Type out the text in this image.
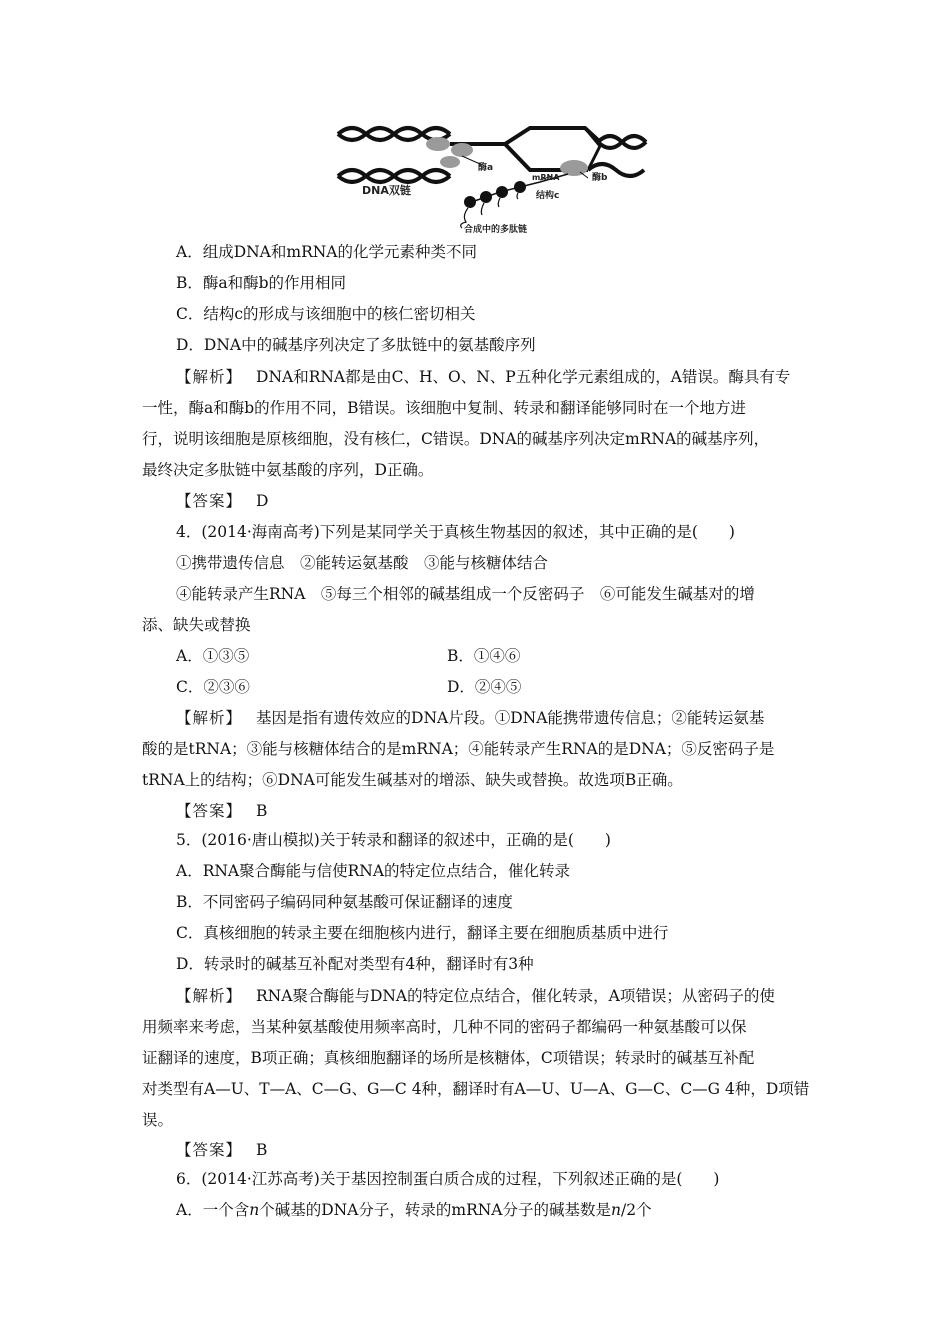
DNA双链
酶a
mRNA	酶b
结构c
合成中的多肽链
A．组成DNA和mRNA的化学元素种类不同
B．酶a和酶b的作用相同
C．结构c的形成与该细胞中的核仁密切相关
D．DNA中的碱基序列决定了多肽链中的氨基酸序列
【解析】 DNA和RNA都是由C、H、O、N、P五种化学元素组成的，A错误。酶具有专
一性，酶a和酶b的作用不同，B错误。该细胞中复制、转录和翻译能够同时在一个地方进
行，说明该细胞是原核细胞，没有核仁，C错误。DNA的碱基序列决定mRNA的碱基序列，
最终决定多肽链中氨基酸的序列，D正确。
【答案】 D
4．(2014·海南高考)下列是某同学关于真核生物基因的叙述，其中正确的是(　　)
①携带遗传信息　②能转运氨基酸　③能与核糖体结合
④能转录产生RNA　⑤每三个相邻的碱基组成一个反密码子　⑥可能发生碱基对的增
添、缺失或替换
A．①③⑤	B．①④⑥
C．②③⑥	D．②④⑤
【解析】 基因是指有遗传效应的DNA片段。①DNA能携带遗传信息；②能转运氨基
酸的是tRNA；③能与核糖体结合的是mRNA；④能转录产生RNA的是DNA；⑤反密码子是
tRNA上的结构；⑥DNA可能发生碱基对的增添、缺失或替换。故选项B正确。
【答案】 B
5．(2016·唐山模拟)关于转录和翻译的叙述中，正确的是(　　)
A．RNA聚合酶能与信使RNA的特定位点结合，催化转录
B．不同密码子编码同种氨基酸可保证翻译的速度
C．真核细胞的转录主要在细胞核内进行，翻译主要在细胞质基质中进行
D．转录时的碱基互补配对类型有4种，翻译时有3种
【解析】 RNA聚合酶能与DNA的特定位点结合，催化转录，A项错误；从密码子的使
用频率来考虑，当某种氨基酸使用频率高时，几种不同的密码子都编码一种氨基酸可以保
证翻译的速度，B项正确；真核细胞翻译的场所是核糖体，C项错误；转录时的碱基互补配
对类型有A—U、T—A、C—G、G—C 4种，翻译时有A—U、U—A、G—C、C—G 4种，D项错
误。
【答案】 B
6．(2014·江苏高考)关于基因控制蛋白质合成的过程，下列叙述正确的是(　　)
A．一个含n个碱基的DNA分子，转录的mRNA分子的碱基数是n/2个
